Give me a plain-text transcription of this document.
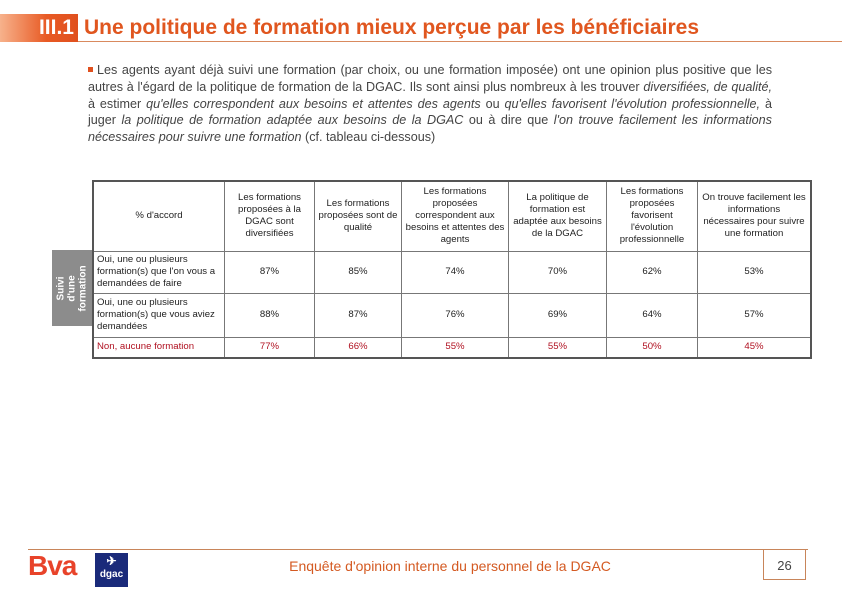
III.1 Une politique de formation mieux perçue par les bénéficiaires
Les agents ayant déjà suivi une formation (par choix, ou une formation imposée) ont une opinion plus positive que les autres à l'égard de la politique de formation de la DGAC. Ils sont ainsi plus nombreux à les trouver diversifiées, de qualité, à estimer qu'elles correspondent aux besoins et attentes des agents ou qu'elles favorisent l'évolution professionnelle, à juger la politique de formation adaptée aux besoins de la DGAC ou à dire que l'on trouve facilement les informations nécessaires pour suivre une formation (cf. tableau ci-dessous)
Suivi d'une formation
% d'accord	Les formations proposées à la DGAC sont diversifiées	Les formations proposées sont de qualité	Les formations proposées correspondent aux besoins et attentes des agents	La politique de formation est adaptée aux besoins de la DGAC	Les formations proposées favorisent l'évolution professionnelle	On trouve facilement les informations nécessaires pour suivre une formation
Oui, une ou plusieurs formation(s) que l'on vous a demandées de faire	87%	85%	74%	70%	62%	53%
Oui, une ou plusieurs formation(s) que vous aviez demandées	88%	87%	76%	69%	64%	57%
Non, aucune formation	77%	66%	55%	55%	50%	45%
Bva	✈
dgac
Enquête d'opinion interne du personnel de la DGAC	26
